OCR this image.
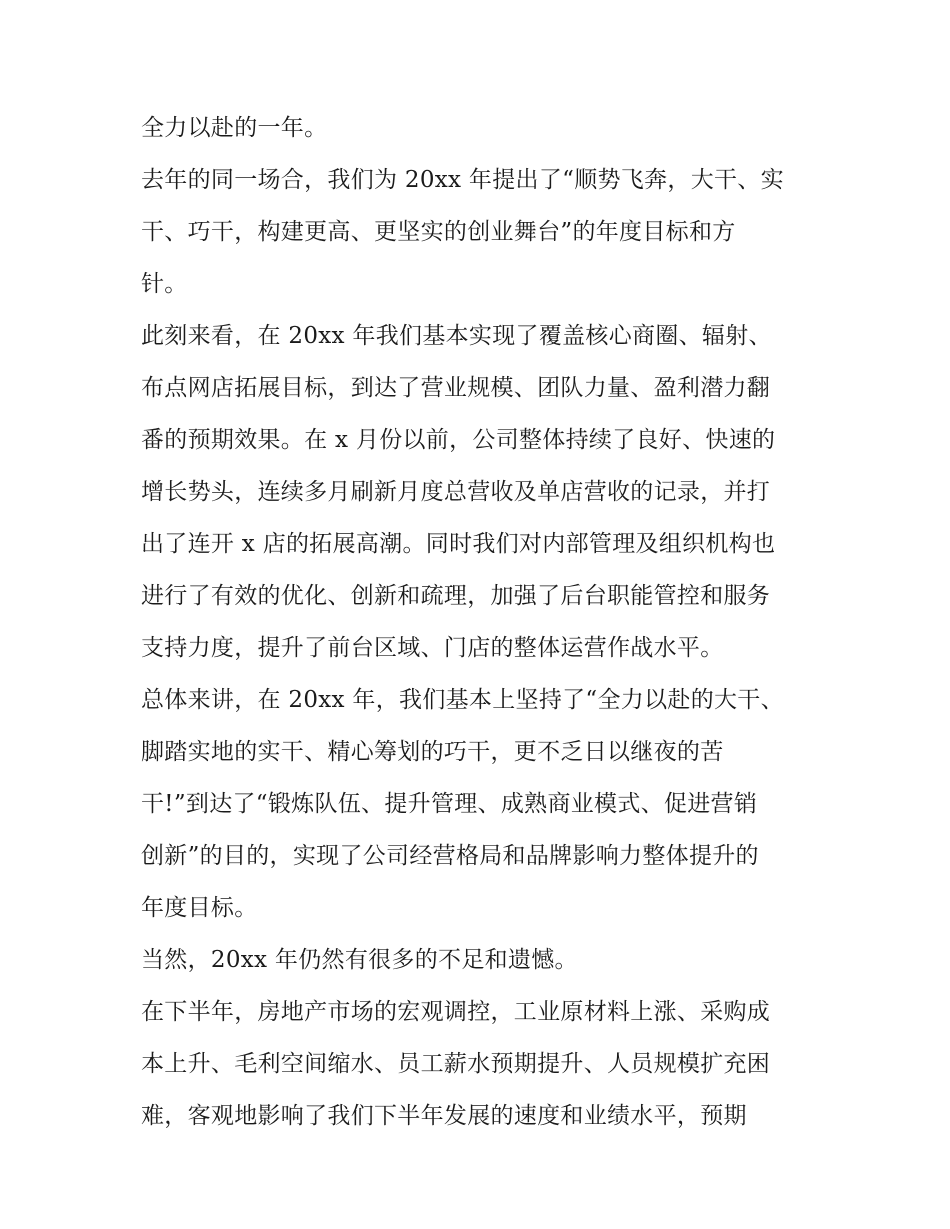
全力以赴的一年。
去年的同一场合，我们为 20xx 年提出了“顺势飞奔，大干、实
干、巧干，构建更高、更坚实的创业舞台”的年度目标和方
针。
此刻来看，在 20xx 年我们基本实现了覆盖核心商圈、辐射、
布点网店拓展目标，到达了营业规模、团队力量、盈利潜力翻
番的预期效果。在 x 月份以前，公司整体持续了良好、快速的
增长势头，连续多月刷新月度总营收及单店营收的记录，并打
出了连开 x 店的拓展高潮。同时我们对内部管理及组织机构也
进行了有效的优化、创新和疏理，加强了后台职能管控和服务
支持力度，提升了前台区域、门店的整体运营作战水平。
总体来讲，在 20xx 年，我们基本上坚持了“全力以赴的大干、
脚踏实地的实干、精心筹划的巧干，更不乏日以继夜的苦
干!”到达了“锻炼队伍、提升管理、成熟商业模式、促进营销
创新”的目的，实现了公司经营格局和品牌影响力整体提升的
年度目标。
当然，20xx 年仍然有很多的不足和遗憾。
在下半年，房地产市场的宏观调控，工业原材料上涨、采购成
本上升、毛利空间缩水、员工薪水预期提升、人员规模扩充困
难，客观地影响了我们下半年发展的速度和业绩水平，预期
